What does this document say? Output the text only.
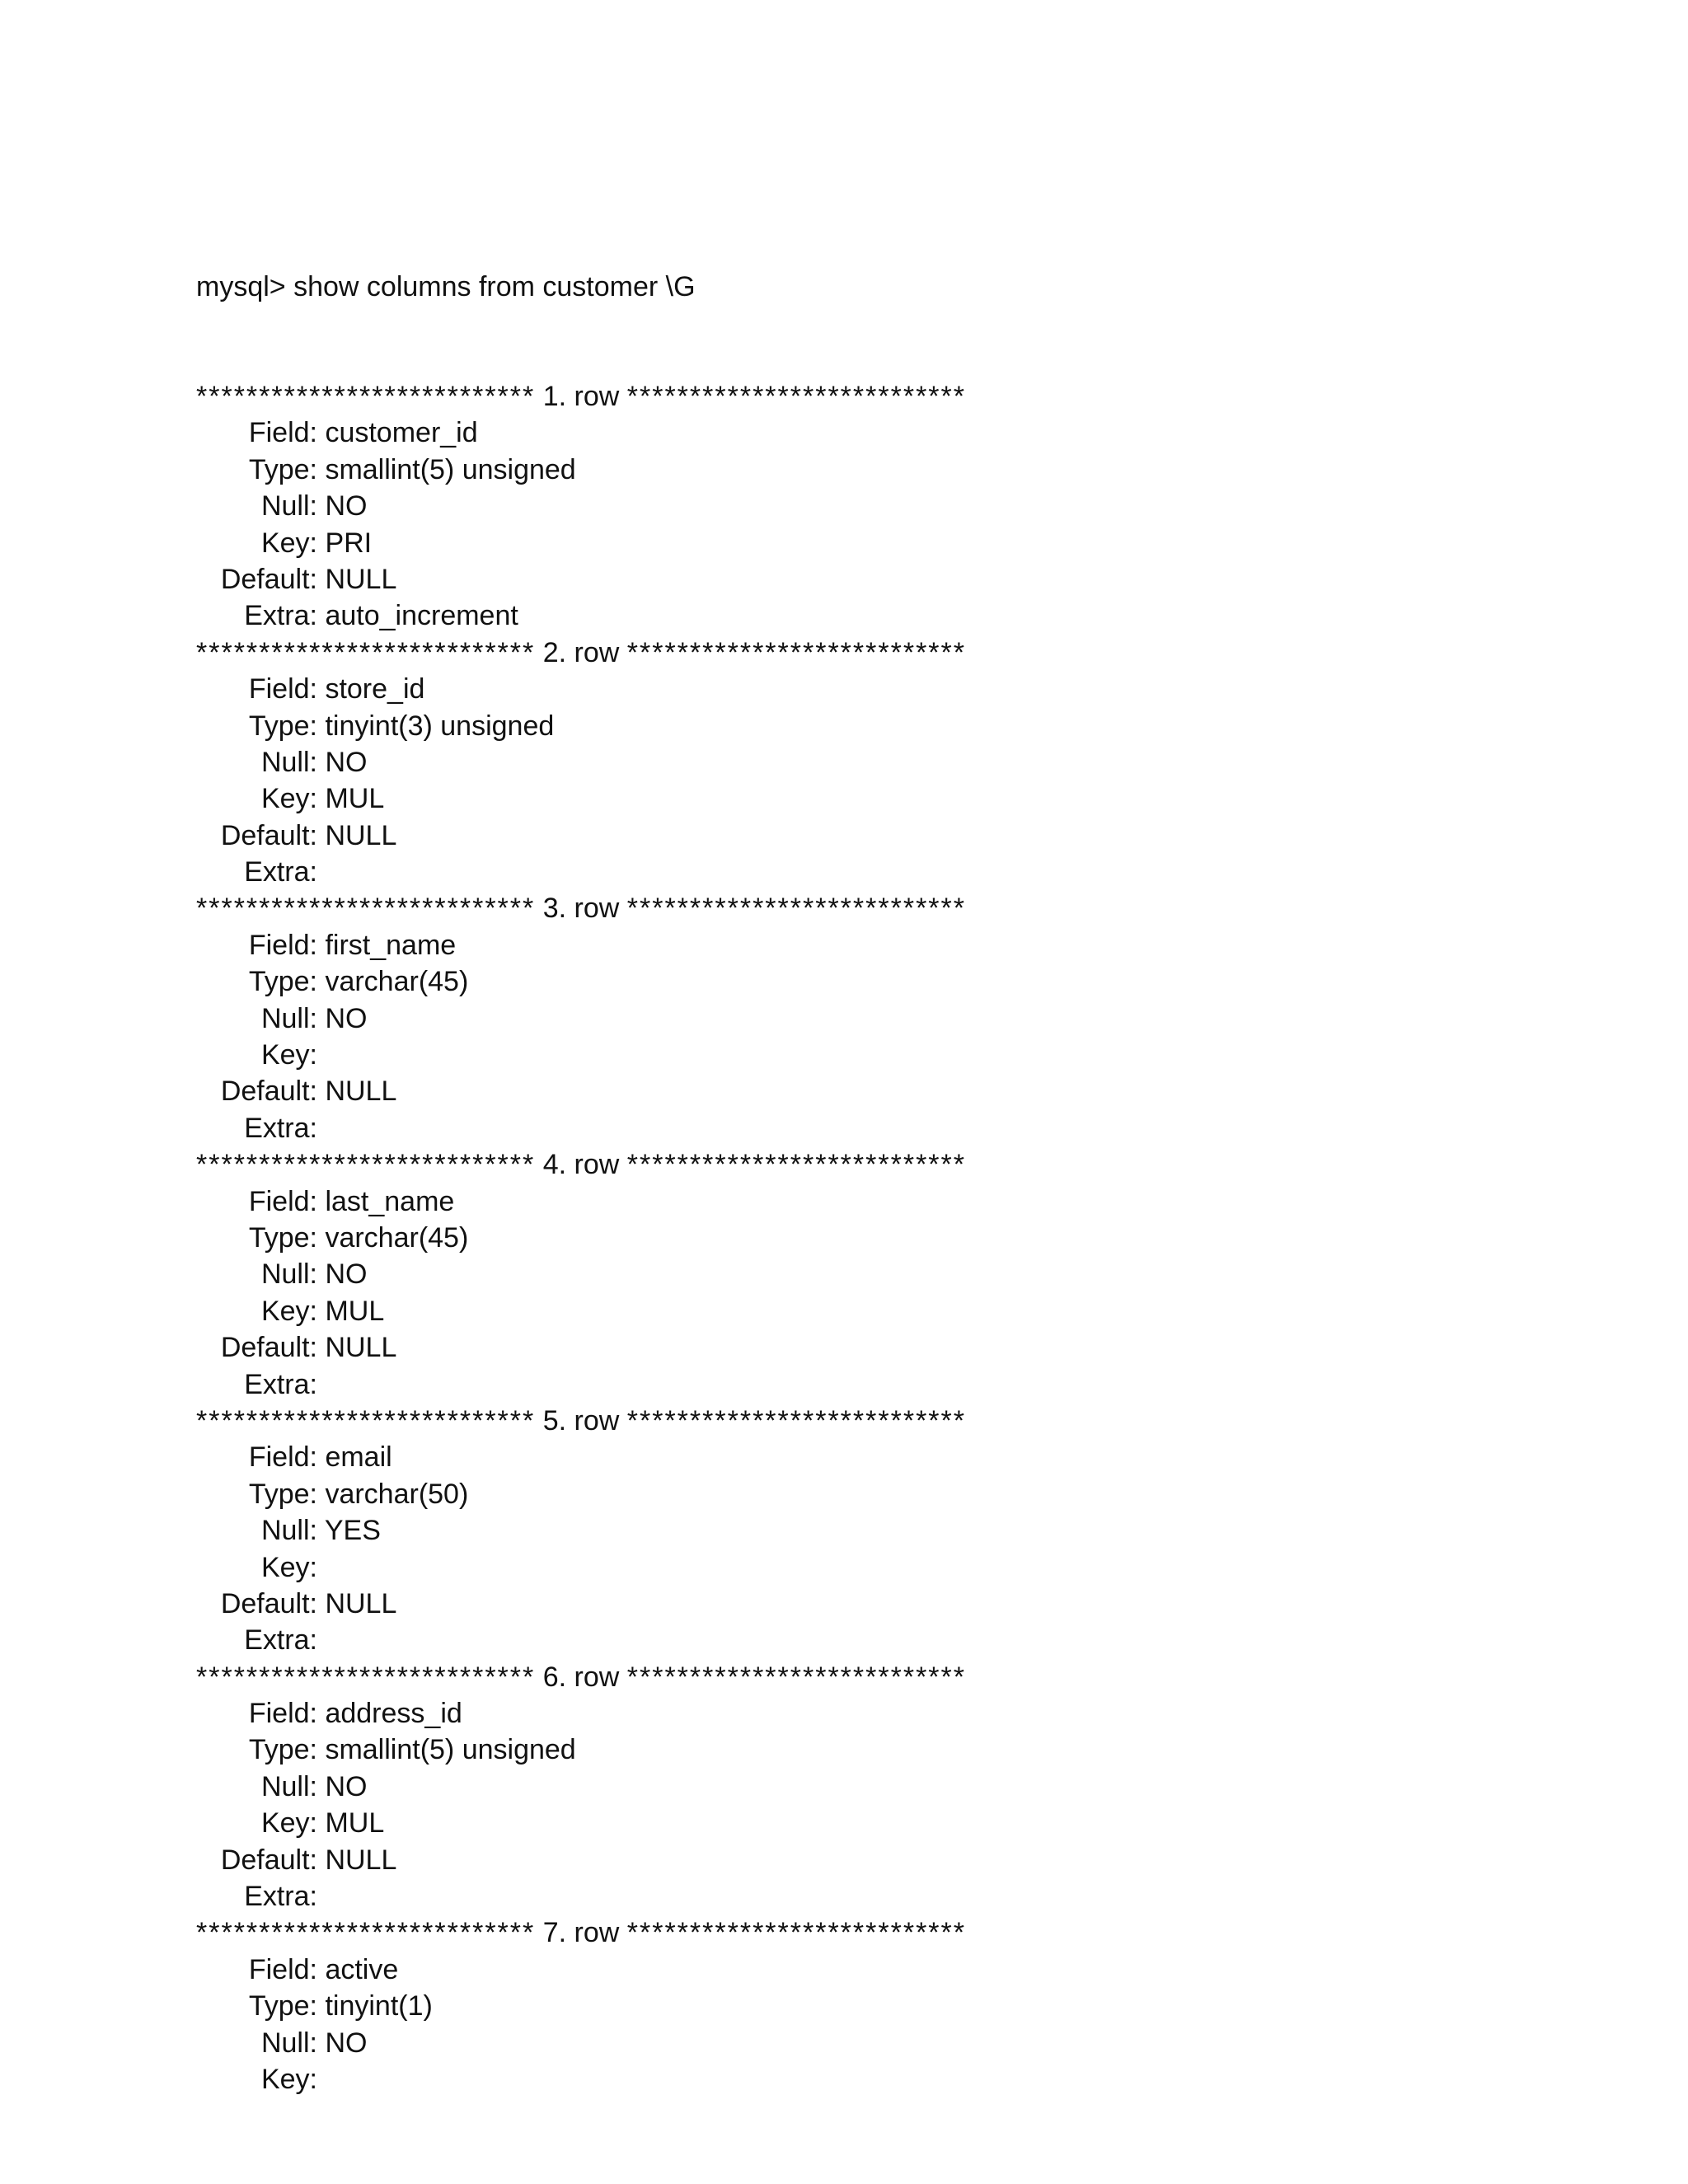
mysql> show columns from customer \G

*************************** 1. row ***************************
Field: customer_id
Type: smallint(5) unsigned
Null: NO
Key: PRI
Default: NULL
Extra: auto_increment
*************************** 2. row ***************************
Field: store_id
Type: tinyint(3) unsigned
Null: NO
Key: MUL
Default: NULL
Extra:
*************************** 3. row ***************************
Field: first_name
Type: varchar(45)
Null: NO
Key:
Default: NULL
Extra:
*************************** 4. row ***************************
Field: last_name
Type: varchar(45)
Null: NO
Key: MUL
Default: NULL
Extra:
*************************** 5. row ***************************
Field: email
Type: varchar(50)
Null: YES
Key:
Default: NULL
Extra:
*************************** 6. row ***************************
Field: address_id
Type: smallint(5) unsigned
Null: NO
Key: MUL
Default: NULL
Extra:
*************************** 7. row ***************************
Field: active
Type: tinyint(1)
Null: NO
Key:
